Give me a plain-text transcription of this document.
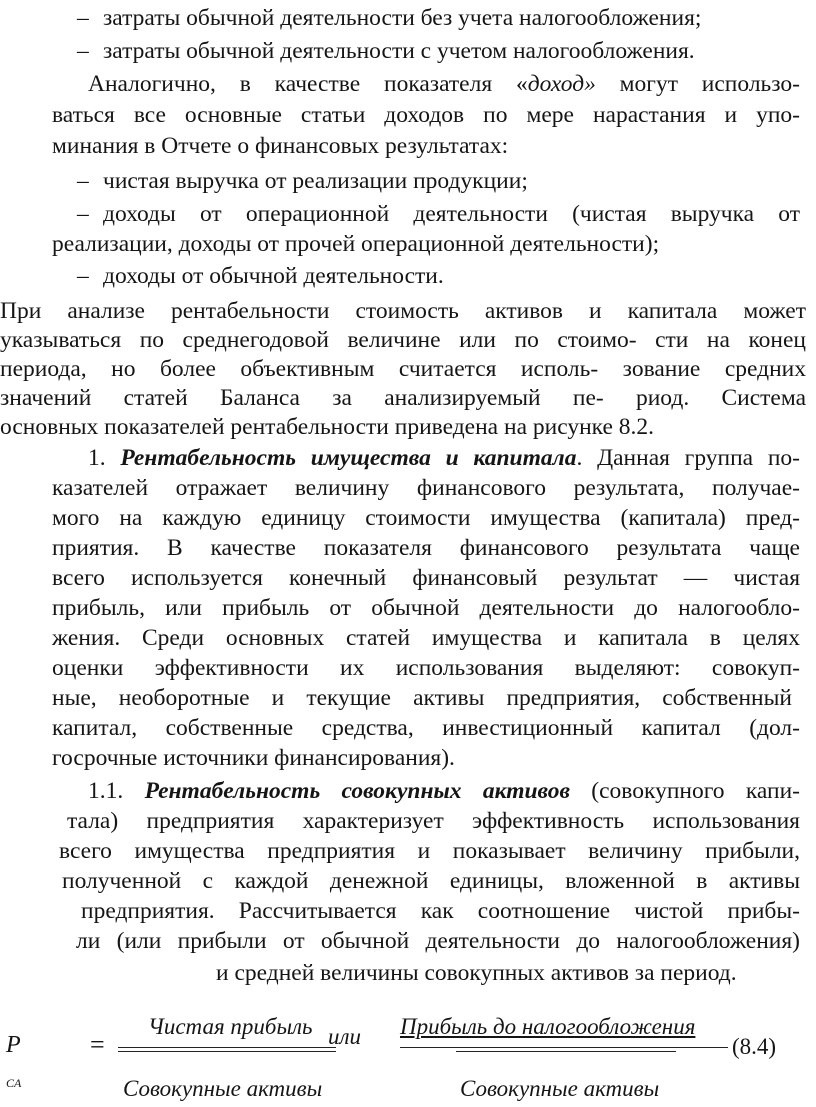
– затраты обычной деятельности без учета налогообложения;
– затраты обычной деятельности с учетом налогообложения.
Аналогично, в качестве показателя «доход» могут использо-
ваться все основные статьи доходов по мере нарастания и упо-
минания в Отчете о финансовых результатах:
– чистая выручка от реализации продукции;
– доходы от операционной деятельности (чистая выручка от
реализации, доходы от прочей операционной деятельности);
– доходы от обычной деятельности.
При анализе рентабельности стоимость активов и капитала может
указываться по среднегодовой величине или по стоимо- сти на конец
периода, но более объективным считается исполь- зование средних
значений статей Баланса за анализируемый пе- риод. Система
основных показателей рентабельности приведена на рисунке 8.2.
1. Рентабельность имущества и капитала. Данная группа по-
казателей отражает величину финансового результата, получае-
мого на каждую единицу стоимости имущества (капитала) пред-
приятия. В качестве показателя финансового результата чаще
всего используется конечный финансовый результат — чистая
прибыль, или прибыль от обычной деятельности до налогообло-
жения. Среди основных статей имущества и капитала в целях
оценки эффективности их использования выделяют: совокуп-
ные, необоротные и текущие активы предприятия, собственный
капитал, собственные средства, инвестиционный капитал (дол-
госрочные источники финансирования).
1.1. Рентабельность совокупных активов (совокупного капи-
тала) предприятия характеризует эффективность использования
всего имущества предприятия и показывает величину прибыли,
полученной с каждой денежной единицы, вложенной в активы
предприятия. Рассчитывается как соотношение чистой прибы-
ли (или прибыли от обычной деятельности до налогообложения)
и средней величины совокупных активов за период.
P
CA
=
Чистая прибыль или Прибыль до налогообложения
(8.4)
Совокупные активы	Совокупные активы
